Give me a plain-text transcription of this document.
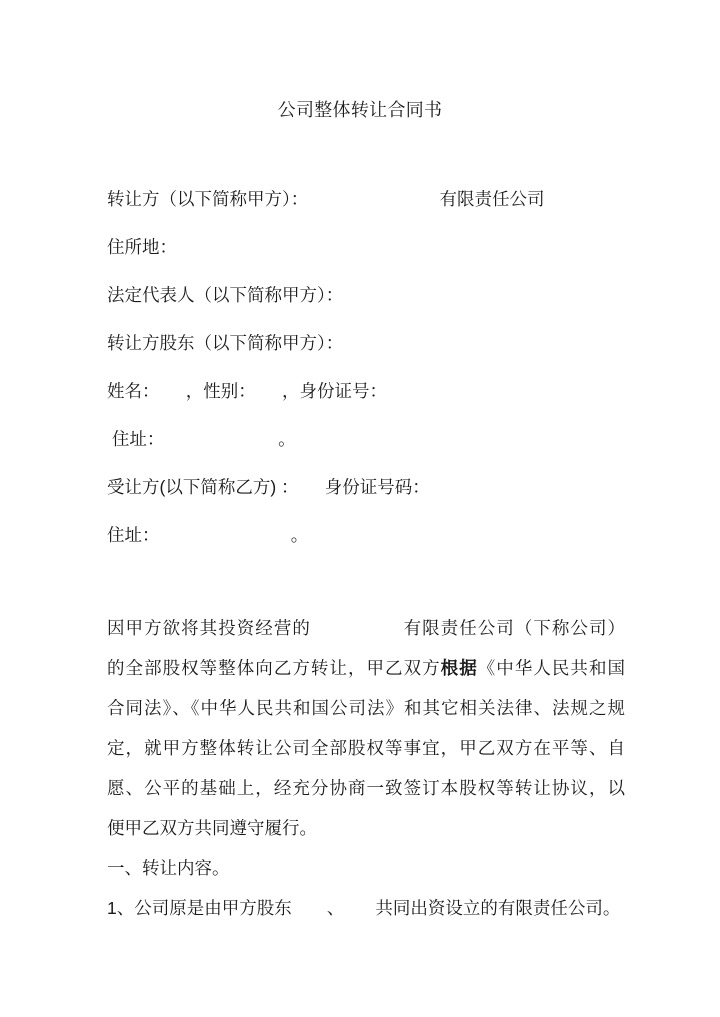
公司整体转让合同书
转让方（以下简称甲方）：　　　　　　　　有限责任公司
住所地：
法定代表人（以下简称甲方）：
转让方股东（以下简称甲方）：
姓名：　　，性别：　　，身份证号：
住址：　　　　　　　。
受让方(以下简称乙方) ：　　身份证号码：
住址：　　　　　　　　。
因甲方欲将其投资经营的　　　　　有限责任公司（下称公司）
的全部股权等整体向乙方转让，甲乙双方根据《中华人民共和国
合同法》、《中华人民共和国公司法》和其它相关法律、法规之规
定，就甲方整体转让公司全部股权等事宜，甲乙双方在平等、自
愿、公平的基础上，经充分协商一致签订本股权等转让协议，以
便甲乙双方共同遵守履行。
一、转让内容。
1、公司原是由甲方股东　　、　　 共同出资设立的有限责任公司。
